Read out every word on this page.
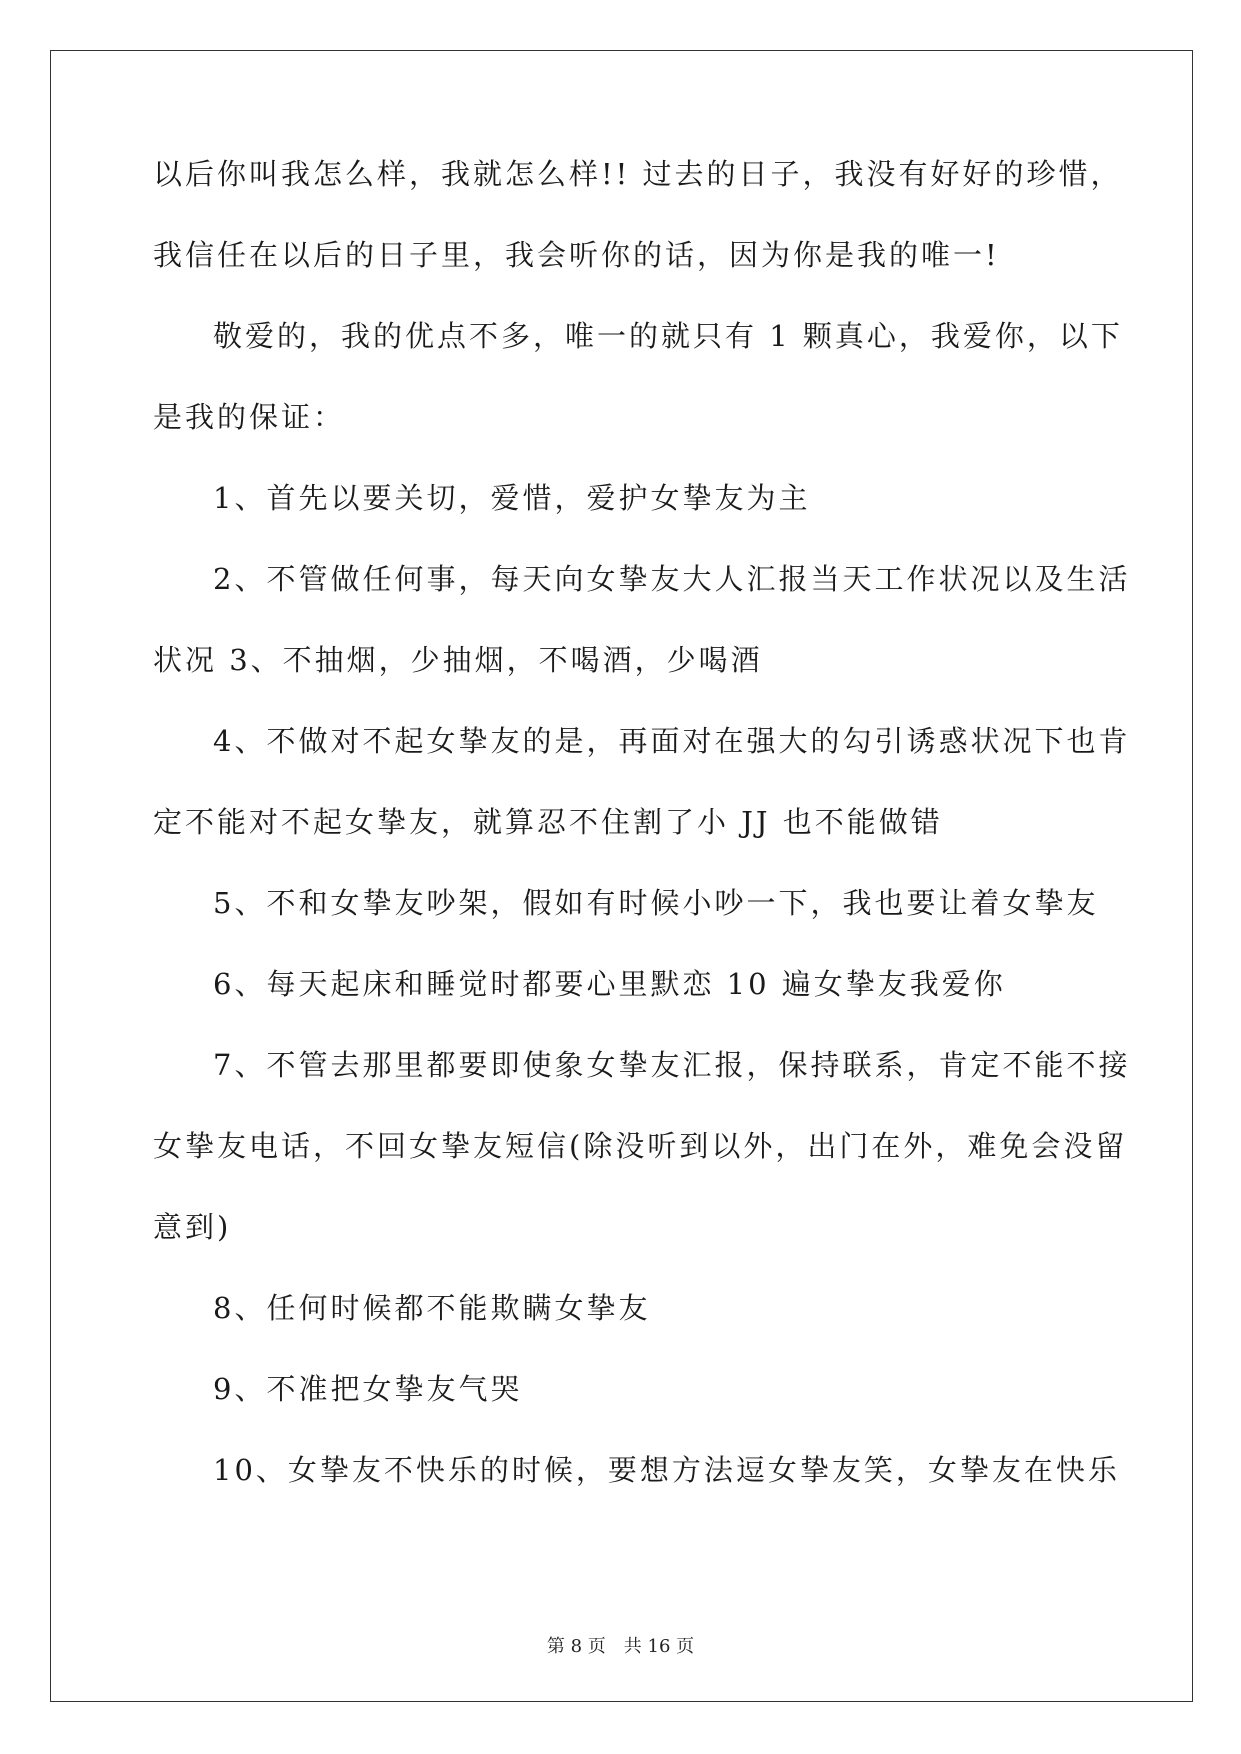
以后你叫我怎么样，我就怎么样!! 过去的日子，我没有好好的珍惜，
我信任在以后的日子里，我会听你的话，因为你是我的唯一!
敬爱的，我的优点不多，唯一的就只有 1 颗真心，我爱你，以下
是我的保证：
1、首先以要关切，爱惜，爱护女挚友为主
2、不管做任何事，每天向女挚友大人汇报当天工作状况以及生活
状况 3、不抽烟，少抽烟，不喝酒，少喝酒
4、不做对不起女挚友的是，再面对在强大的勾引诱惑状况下也肯
定不能对不起女挚友，就算忍不住割了小 JJ 也不能做错
5、不和女挚友吵架，假如有时候小吵一下，我也要让着女挚友
6、每天起床和睡觉时都要心里默恋 10 遍女挚友我爱你
7、不管去那里都要即使象女挚友汇报，保持联系，肯定不能不接
女挚友电话，不回女挚友短信(除没听到以外，出门在外，难免会没留
意到)
8、任何时候都不能欺瞒女挚友
9、不准把女挚友气哭
10、女挚友不快乐的时候，要想方法逗女挚友笑，女挚友在快乐
第 8 页 共 16 页
